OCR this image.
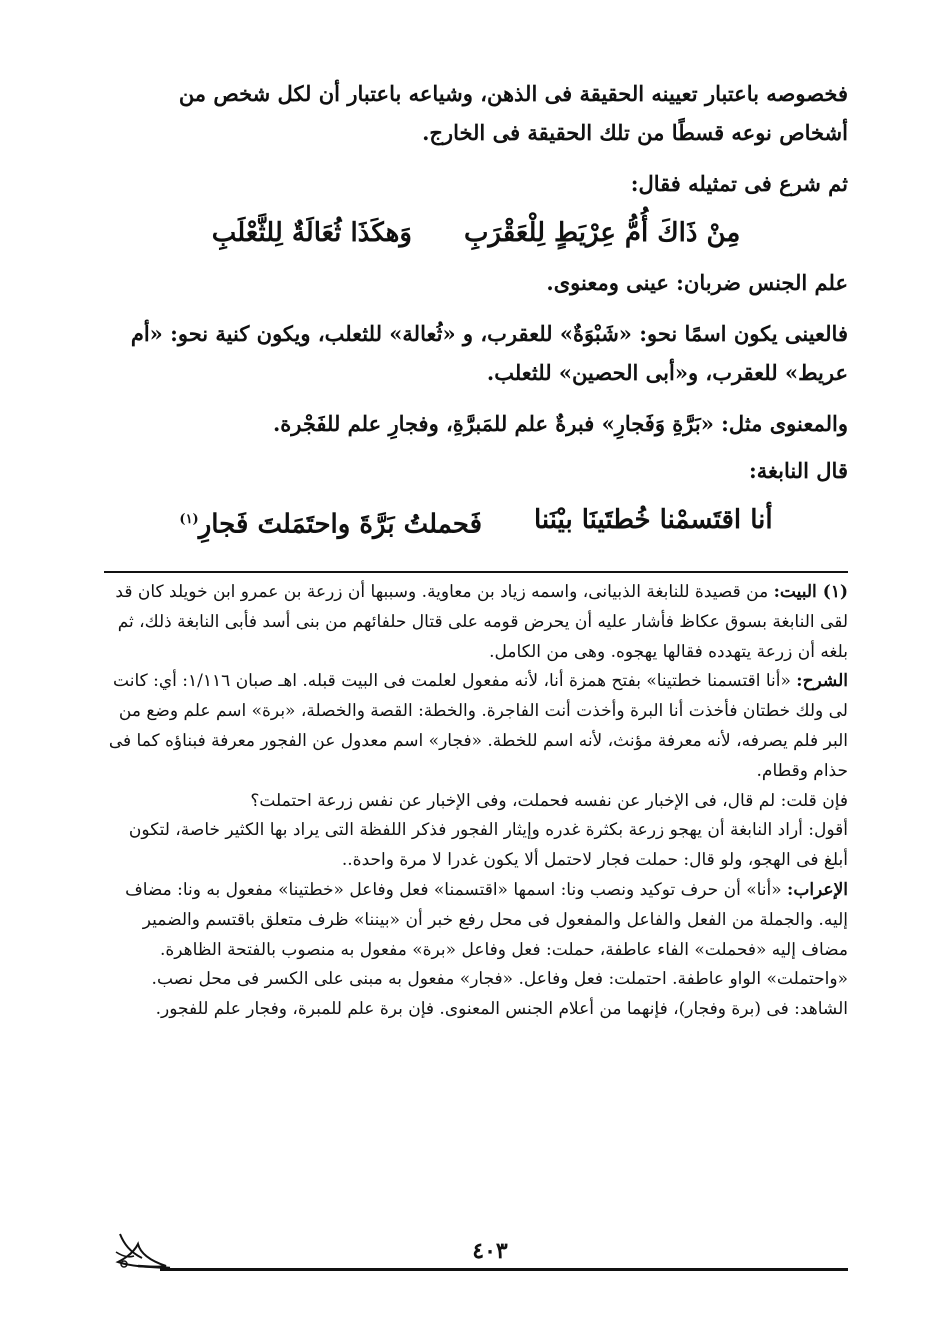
فخصوصه باعتبار تعيينه الحقيقة فى الذهن، وشياعه باعتبار أن لكل شخص من أشخاص نوعه قسطًا من تلك الحقيقة فى الخارج.

ثم شرع فى تمثيله فقال:

مِنْ ذَاكَ أُمُّ عِرْيَطٍ لِلْعَقْرَبِ
وَهكَذَا ثُعَالَةٌ لِلثَّعْلَبِ

علم الجنس ضربان: عينى ومعنوى.

فالعينى يكون اسمًا نحو: «شَبْوَةٌ» للعقرب، و «ثُعالة» للثعلب، ويكون كنية نحو: «أم عريط» للعقرب، و«أبى الحصين» للثعلب.

والمعنوى مثل: «بَرَّةِ وَفَجارِ» فبرةٌ علم للمَبرَّةِ، وفجارِ علم للفَجْرة.

قال النابغة:

أنا اقتَسمْنا خُطتَينَا بيْنَنا
فَحملتُ بَرَّةَ واحتَمَلتَ فَجارِ$^{(١)}$

(١)البيت: من قصيدة للنابغة الذبيانى، واسمه زياد بن معاوية. وسببها أن زرعة بن عمرو ابن خويلد كان قد لقى النابغة بسوق عكاظ فأشار عليه أن يحرض قومه على قتال حلفائهم من بنى أسد فأبى النابغة ذلك، ثم بلغه أن زرعة يتهدده فقالها يهجوه. وهى من الكامل.

الشرح: «أنا اقتسمنا خطتينا» بفتح همزة أنا، لأنه مفعول لعلمت فى البيت قبله. اهـ صبان ١/١١٦: أي: كانت لى ولك خطتان فأخذت أنا البرة وأخذت أنت الفاجرة. والخطة: القصة والخصلة، «برة» اسم علم وضع من البر فلم يصرفه، لأنه معرفة مؤنث، لأنه اسم للخطة. «فجار» اسم معدول عن الفجور معرفة فبناؤه كما فى حذام وقطام.

فإن قلت: لم قال، فى الإخبار عن نفسه فحملت، وفى الإخبار عن نفس زرعة احتملت؟

أقول: أراد النابغة أن يهجو زرعة بكثرة غدره وإيثار الفجور فذكر اللفظة التى يراد بها الكثير خاصة، لتكون أبلغ فى الهجو، ولو قال: حملت فجار لاحتمل ألا يكون غدرا لا مرة واحدة..

الإعراب: «أنا» أن حرف توكيد ونصب ونا: اسمها «اقتسمنا» فعل وفاعل «خطتينا» مفعول به ونا: مضاف إليه. والجملة من الفعل والفاعل والمفعول فى محل رفع خبر أن «بيننا» ظرف متعلق باقتسم والضمير مضاف إليه «فحملت» الفاء عاطفة، حملت: فعل وفاعل «برة» مفعول به منصوب بالفتحة الظاهرة. «واحتملت» الواو عاطفة. احتملت: فعل وفاعل. «فجار» مفعول به مبنى على الكسر فى محل نصب.

الشاهد: فى (برة وفجار)، فإنهما من أعلام الجنس المعنوى. فإن برة علم للمبرة، وفجار علم للفجور.

٤٠٣
